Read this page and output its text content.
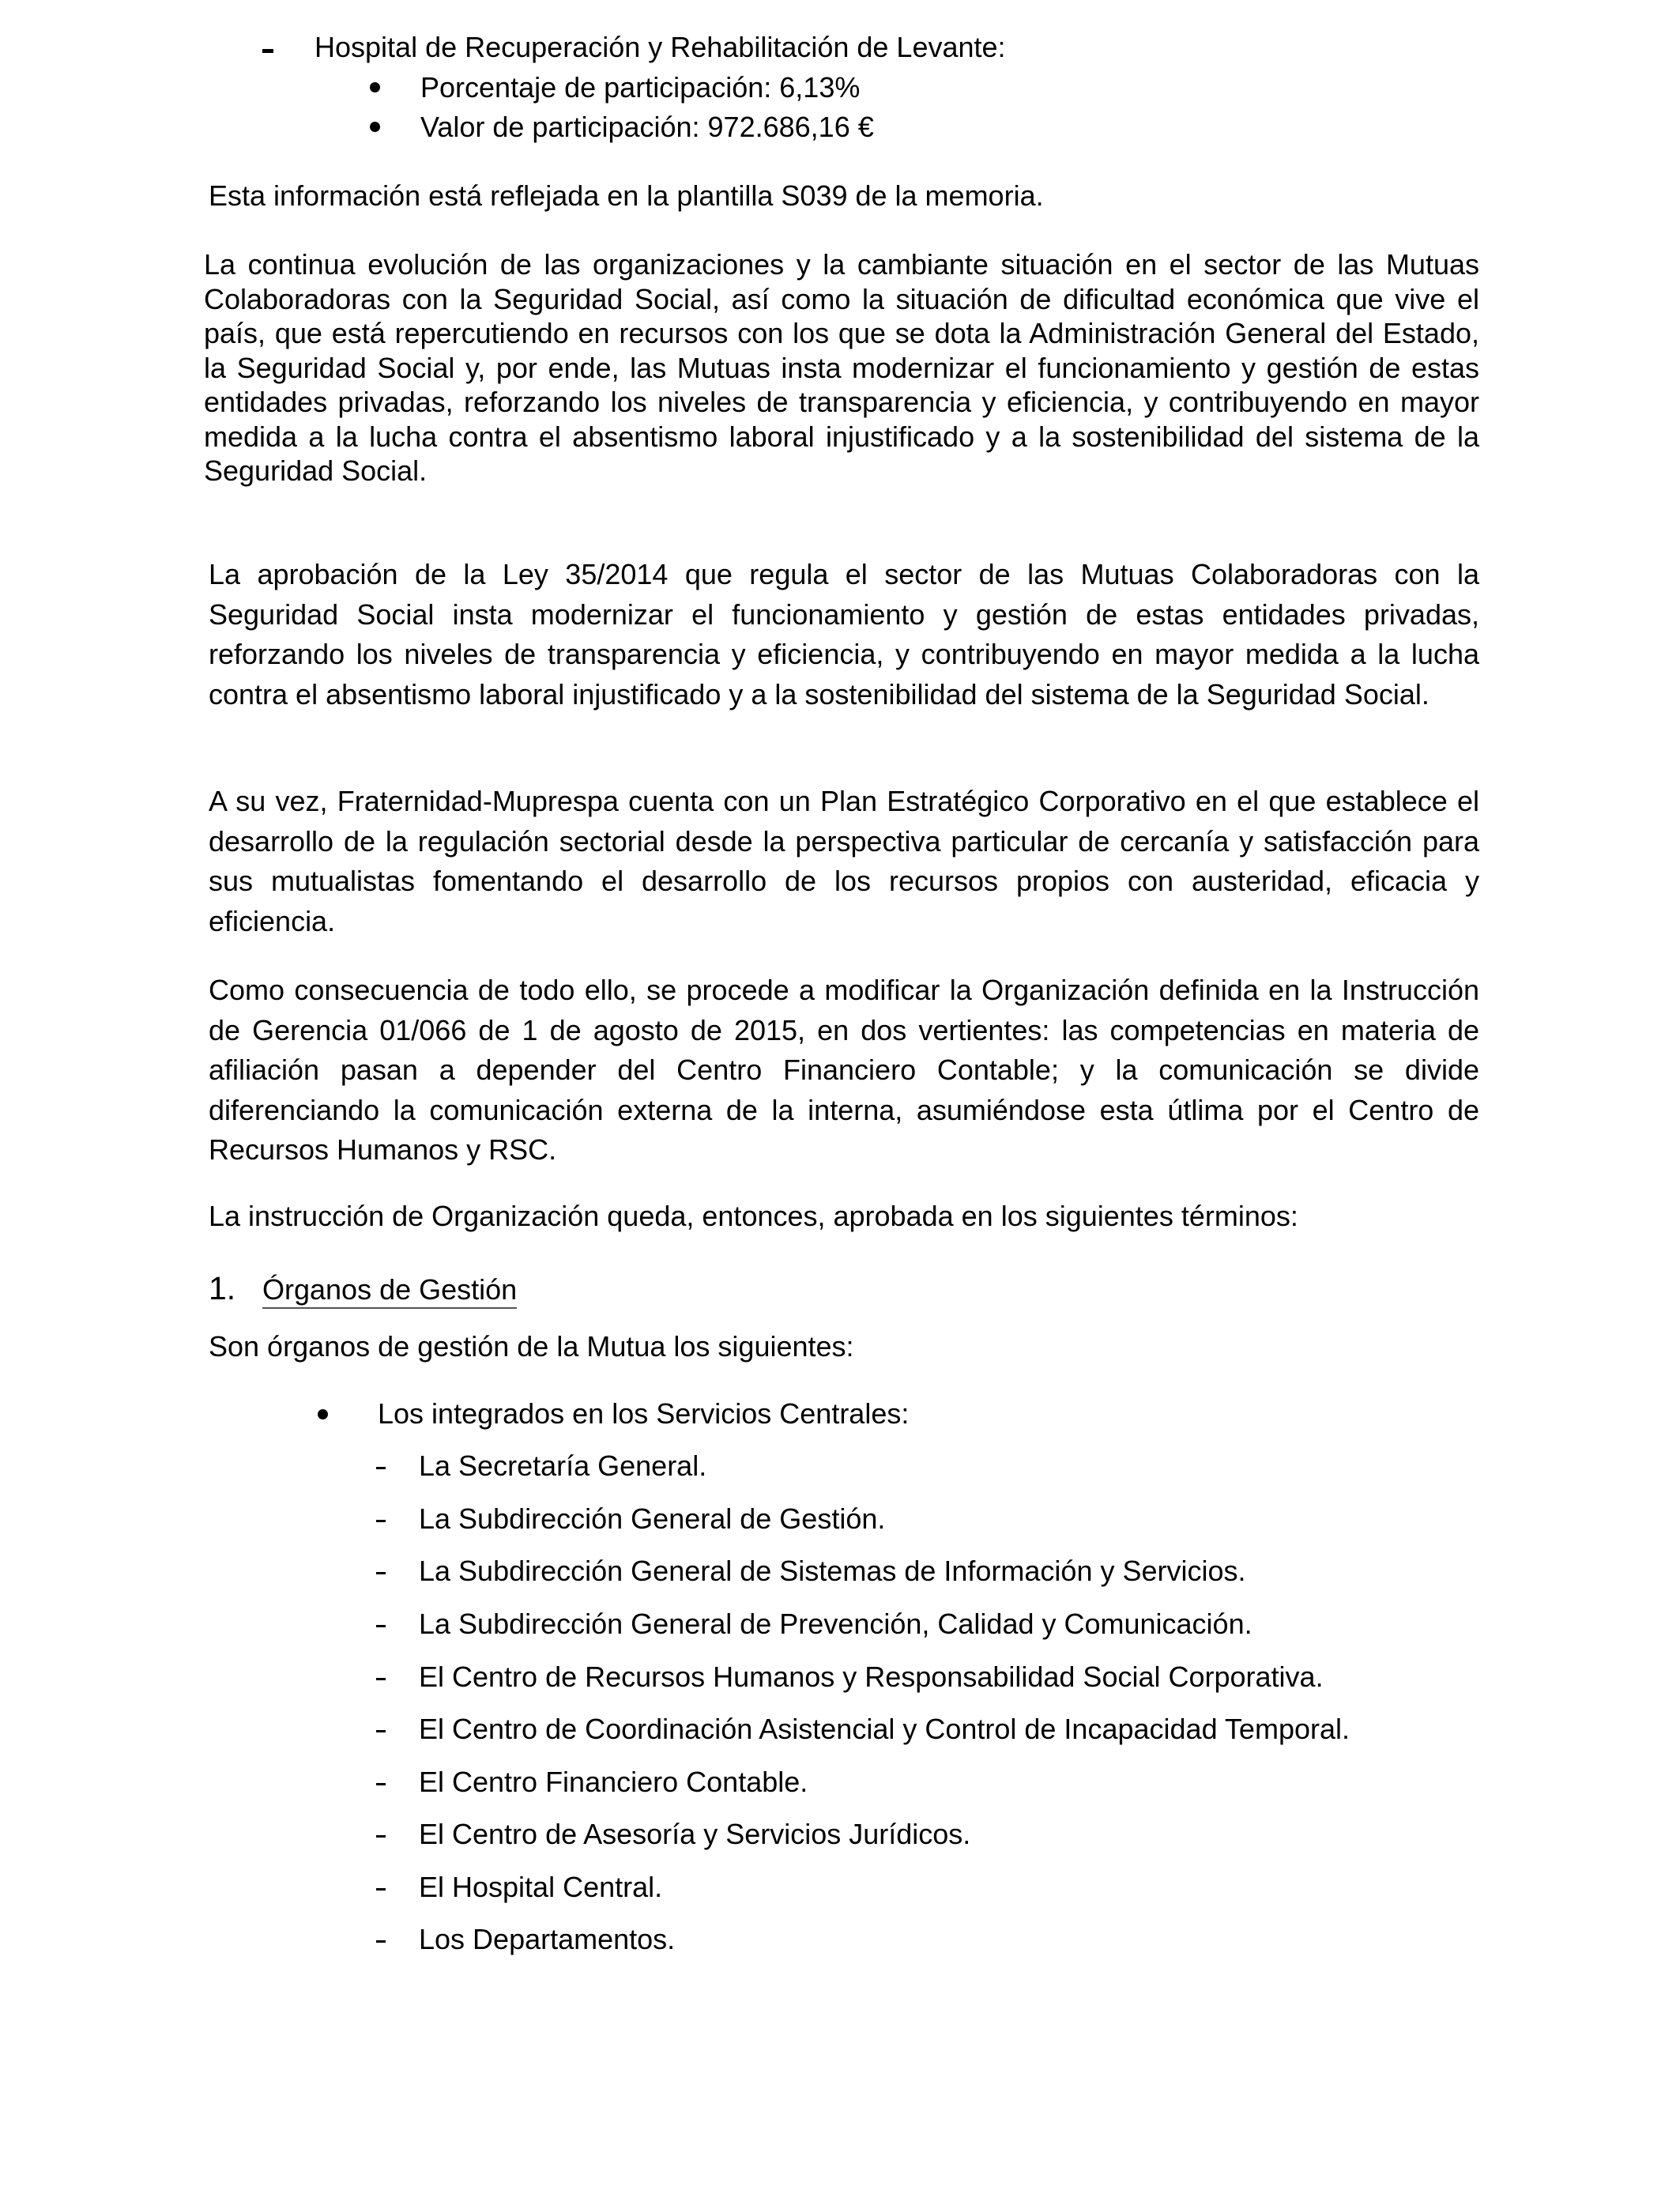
Hospital de Recuperación y Rehabilitación de Levante:
Porcentaje de participación: 6,13%
Valor de participación: 972.686,16 €
Esta información está reflejada en la plantilla S039 de la memoria.
La continua evolución de las organizaciones y la cambiante situación en el sector de las Mutuas Colaboradoras con la Seguridad Social, así como la situación de dificultad económica que vive el país, que está repercutiendo en recursos con los que se dota la Administración General del Estado, la Seguridad Social y, por ende, las Mutuas insta modernizar el funcionamiento y gestión de estas entidades privadas, reforzando los niveles de transparencia y eficiencia, y contribuyendo en mayor medida a la lucha contra el absentismo laboral injustificado y a la sostenibilidad del sistema de la Seguridad Social.
La aprobación de la Ley 35/2014 que regula el sector de las Mutuas Colaboradoras con la Seguridad Social insta modernizar el funcionamiento y gestión de estas entidades privadas, reforzando los niveles de transparencia y eficiencia, y contribuyendo en mayor medida a la lucha contra el absentismo laboral injustificado y a la sostenibilidad del sistema de la Seguridad Social.
A su vez, Fraternidad-Muprespa cuenta con un Plan Estratégico Corporativo en el que establece el desarrollo de la regulación sectorial desde la perspectiva particular de cercanía y satisfacción para sus mutualistas fomentando el desarrollo de los recursos propios con austeridad, eficacia y eficiencia.
Como consecuencia de todo ello, se procede a modificar la Organización definida en la Instrucción de Gerencia 01/066 de 1 de agosto de 2015, en dos vertientes: las competencias en materia de afiliación pasan a depender del Centro Financiero Contable; y la comunicación se divide diferenciando la comunicación externa de la interna, asumiéndose esta útlima por el Centro de Recursos Humanos y RSC.
La instrucción de Organización queda, entonces, aprobada en los siguientes términos:
1. Órganos de Gestión
Son órganos de gestión de la Mutua los siguientes:
Los integrados en los Servicios Centrales:
La Secretaría General.
La Subdirección General de Gestión.
La Subdirección General de Sistemas de Información y Servicios.
La Subdirección General de Prevención, Calidad y Comunicación.
El Centro de Recursos Humanos y Responsabilidad Social Corporativa.
El Centro de Coordinación Asistencial y Control de Incapacidad Temporal.
El Centro Financiero Contable.
El Centro de Asesoría y Servicios Jurídicos.
El Hospital Central.
Los Departamentos.
